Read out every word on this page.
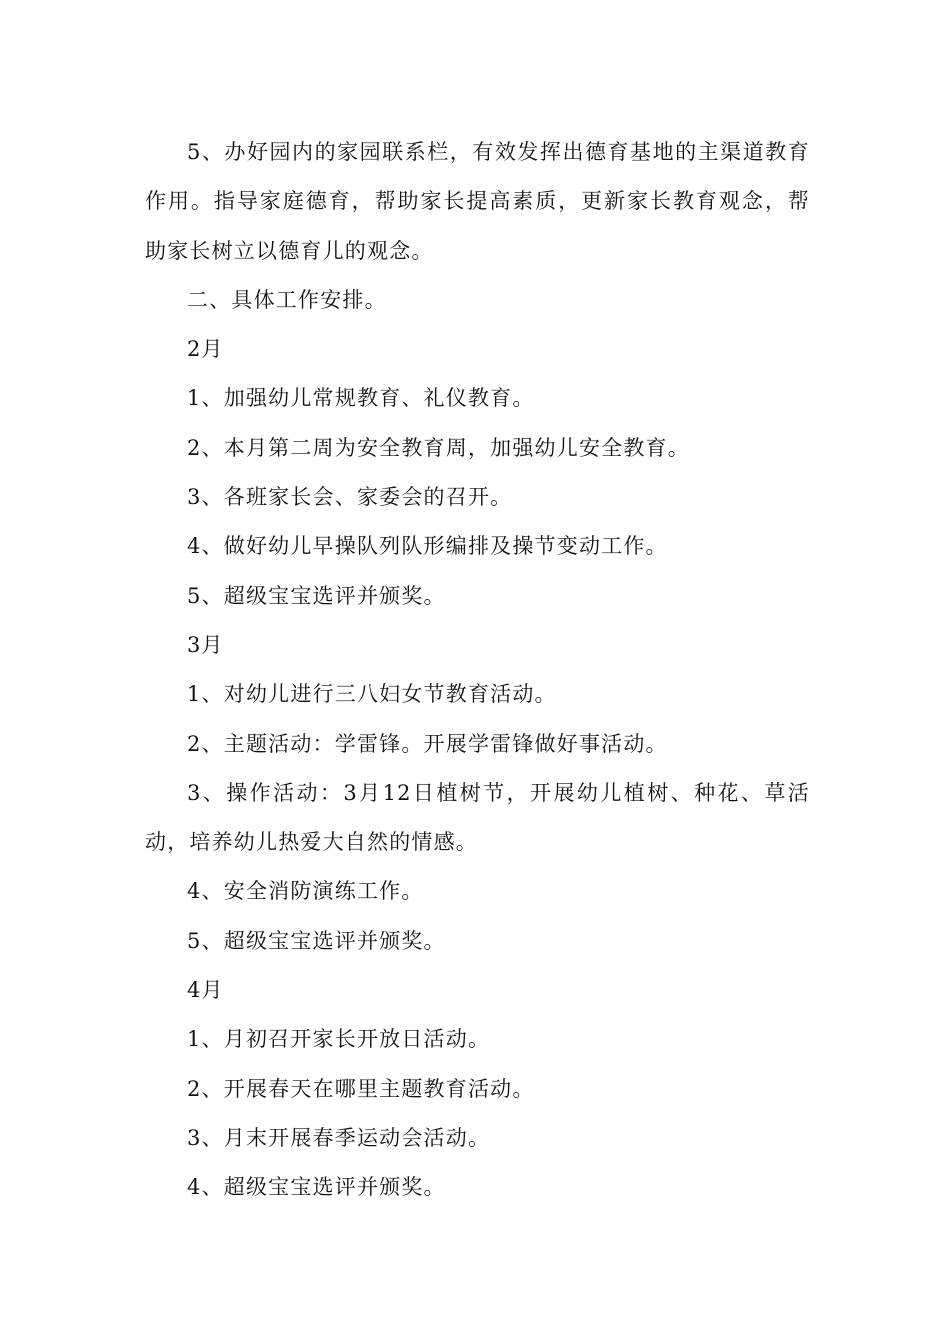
5、办好园内的家园联系栏，有效发挥出德育基地的主渠道教育作用。指导家庭德育，帮助家长提高素质，更新家长教育观念，帮助家长树立以德育儿的观念。

二、具体工作安排。

2月

1、加强幼儿常规教育、礼仪教育。

2、本月第二周为安全教育周，加强幼儿安全教育。

3、各班家长会、家委会的召开。

4、做好幼儿早操队列队形编排及操节变动工作。

5、超级宝宝选评并颁奖。

3月

1、对幼儿进行三八妇女节教育活动。

2、主题活动：学雷锋。开展学雷锋做好事活动。

3、操作活动：3月12日植树节，开展幼儿植树、种花、草活动，培养幼儿热爱大自然的情感。

4、安全消防演练工作。

5、超级宝宝选评并颁奖。

4月

1、月初召开家长开放日活动。

2、开展春天在哪里主题教育活动。

3、月末开展春季运动会活动。

4、超级宝宝选评并颁奖。
